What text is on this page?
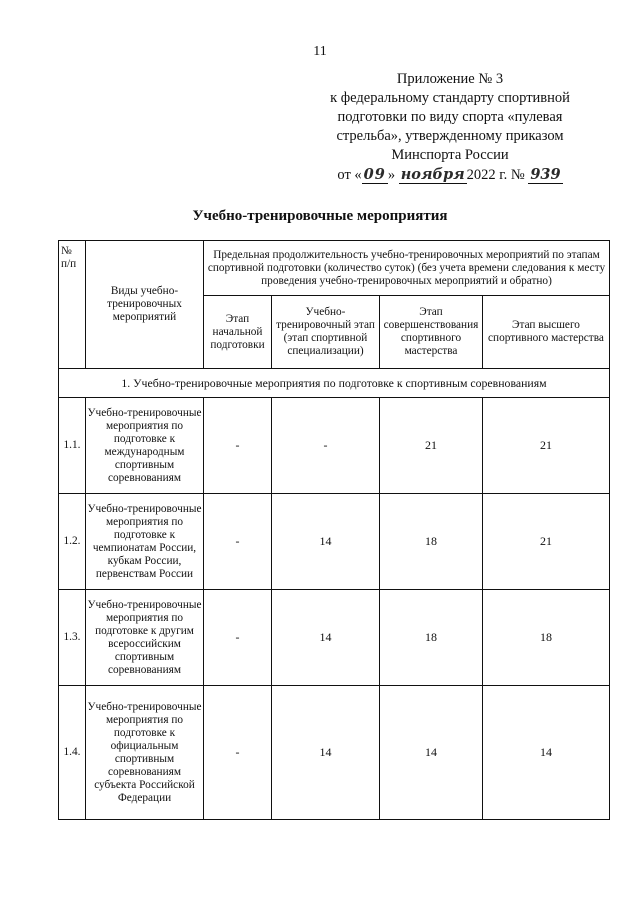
11
Приложение № 3
к федеральному стандарту спортивной
подготовки по виду спорта «пулевая
стрельба», утвержденному приказом
Минспорта России
от « 09 » ноября 2022 г. № 939
Учебно-тренировочные мероприятия
№ п/п	Виды учебно-тренировочных мероприятий	Предельная продолжительность учебно-тренировочных мероприятий по этапам спортивной подготовки (количество суток) (без учета времени следования к месту проведения учебно-тренировочных мероприятий и обратно)			
		Этап начальной подготовки	Учебно-тренировочный этап (этап спортивной специализации)	Этап совершенствования спортивного мастерства	Этап высшего спортивного мастерства
1. Учебно-тренировочные мероприятия по подготовке к спортивным соревнованиям					
1.1.	Учебно-тренировочные мероприятия по подготовке к международным спортивным соревнованиям	-	-	21	21
1.2.	Учебно-тренировочные мероприятия по подготовке к чемпионатам России, кубкам России, первенствам России	-	14	18	21
1.3.	Учебно-тренировочные мероприятия по подготовке к другим всероссийским спортивным соревнованиям	-	14	18	18
1.4.	Учебно-тренировочные мероприятия по подготовке к официальным спортивным соревнованиям субъекта Российской Федерации	-	14	14	14
